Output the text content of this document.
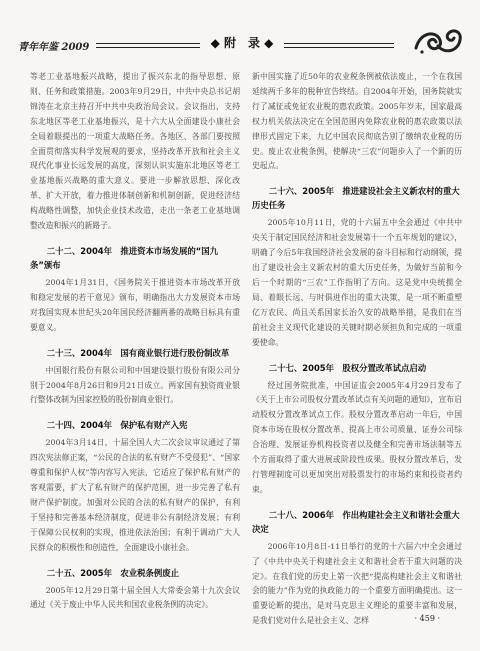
青年年鉴 2009	◆ 附　录 ◆

等老工业基地振兴战略，提出了振兴东北的指导思想、原则、任务和政策措施。2003年9月29日，中共中央总书记胡锦涛在北京主持召开中共中央政治局会议。会议指出，支持东北地区等老工业基地振兴，是十六大从全面建设小康社会全局着眼提出的一项重大战略任务。各地区、各部门要按照全面贯彻落实科学发展观的要求，坚持改革开放和社会主义现代化事业长远发展的高度，深刻认识实施东北地区等老工业基地振兴战略的重大意义。要进一步解放思想、深化改革、扩大开放，着力推进体制创新和机制创新，促进经济结构战略性调整，加快企业技术改造，走出一条老工业基地调整改造和振兴的新路子。

二十二、2004年　推进资本市场发展的“国九条”颁布

2004年1月31日，《国务院关于推进资本市场改革开放和稳定发展的若干意见》颁布，明确指出大力发展资本市场对我国实现本世纪头20年国民经济翻两番的战略目标具有重要意义。

二十三、2004年　国有商业银行进行股份制改革

中国银行股份有限公司和中国建设银行股份有限公司分别于2004年8月26日和9月21日成立。两家国有独资商业银行整体改制为国家控股的股份制商业银行。

二十四、2004年　保护私有财产入宪

2004年3月14日，十届全国人大二次会议审议通过了第四次宪法修正案，“公民的合法的私有财产不受侵犯”、“国家尊重和保护人权”等内容写入宪法，它适应了保护私有财产的客观需要，扩大了私有财产的保护范围，进一步完善了私有财产保护制度。加强对公民的合法的私有财产的保护，有利于坚持和完善基本经济制度，促进非公有制经济发展；有利于保障公民权利的实现，推进依法治国；有利于调动广大人民群众的积极性和创造性，全面建设小康社会。

二十五、2005年　农业税条例废止

2005年12月29日第十届全国人大常委会第十九次会议通过《关于废止中华人民共和国农业税条例的决定》。

新中国实施了近50年的农业税条例被依法废止，一个在我国延续两千多年的税种宣告终结。自2004年开始，国务院就实行了减征或免征农业税的惠农政策。2005年岁末，国家最高权力机关依法决定在全国范围内免除农业税的惠农政策以法律形式固定下来，九亿中国农民彻底告别了缴纳农业税的历史。废止农业税条例，使解决“三农”问题步入了一个新的历史起点。

二十六、2005年　推进建设社会主义新农村的重大历史任务

2005年10月11日，党的十六届五中全会通过《中共中央关于制定国民经济和社会发展第十一个五年规划的建议》，明确了今后5年我国经济社会发展的奋斗目标和行动纲领，提出了建设社会主义新农村的重大历史任务，为做好当前和今后一个时期的“三农”工作指明了方向。这是党中央统揽全局、着眼长远、与时俱进作出的重大决策，是一项不断重塑亿万农民、尚且关系国家长治久安的战略举措，是我们在当前社会主义现代化建设的关键时期必须担负和完成的一项重要使命。

二十七、2005年　股权分置改革试点启动

经过国务院批准，中国证监会2005年4月29日发布了《关于上市公司股权分置改革试点有关问题的通知》，宣布启动股权分置改革试点工作。股权分置改革启动一年后，中国资本市场在股权分置改革、提高上市公司质量、证券公司综合治理、发展证券机构投资者以及健全和完善市场法制等五个方面取得了重大进展或阶段性成果。股权分置改革后，发行管理制度可以更加突出对股票发行的市场约束和投资者约束。

二十八、2006年　作出构建社会主义和谐社会重大决定

2006年10月8日-11日举行的党的十六届六中全会通过了《中共中央关于构建社会主义和谐社会若干重大问题的决定》。在我们党的历史上第一次把“提高构建社会主义和谐社会的能力”作为党的执政能力的一个重要方面明确提出。这一重要论断的提出，是对马克思主义理论的重要丰富和发展，是我们党对什么是社会主义、怎样	· 459 ·
